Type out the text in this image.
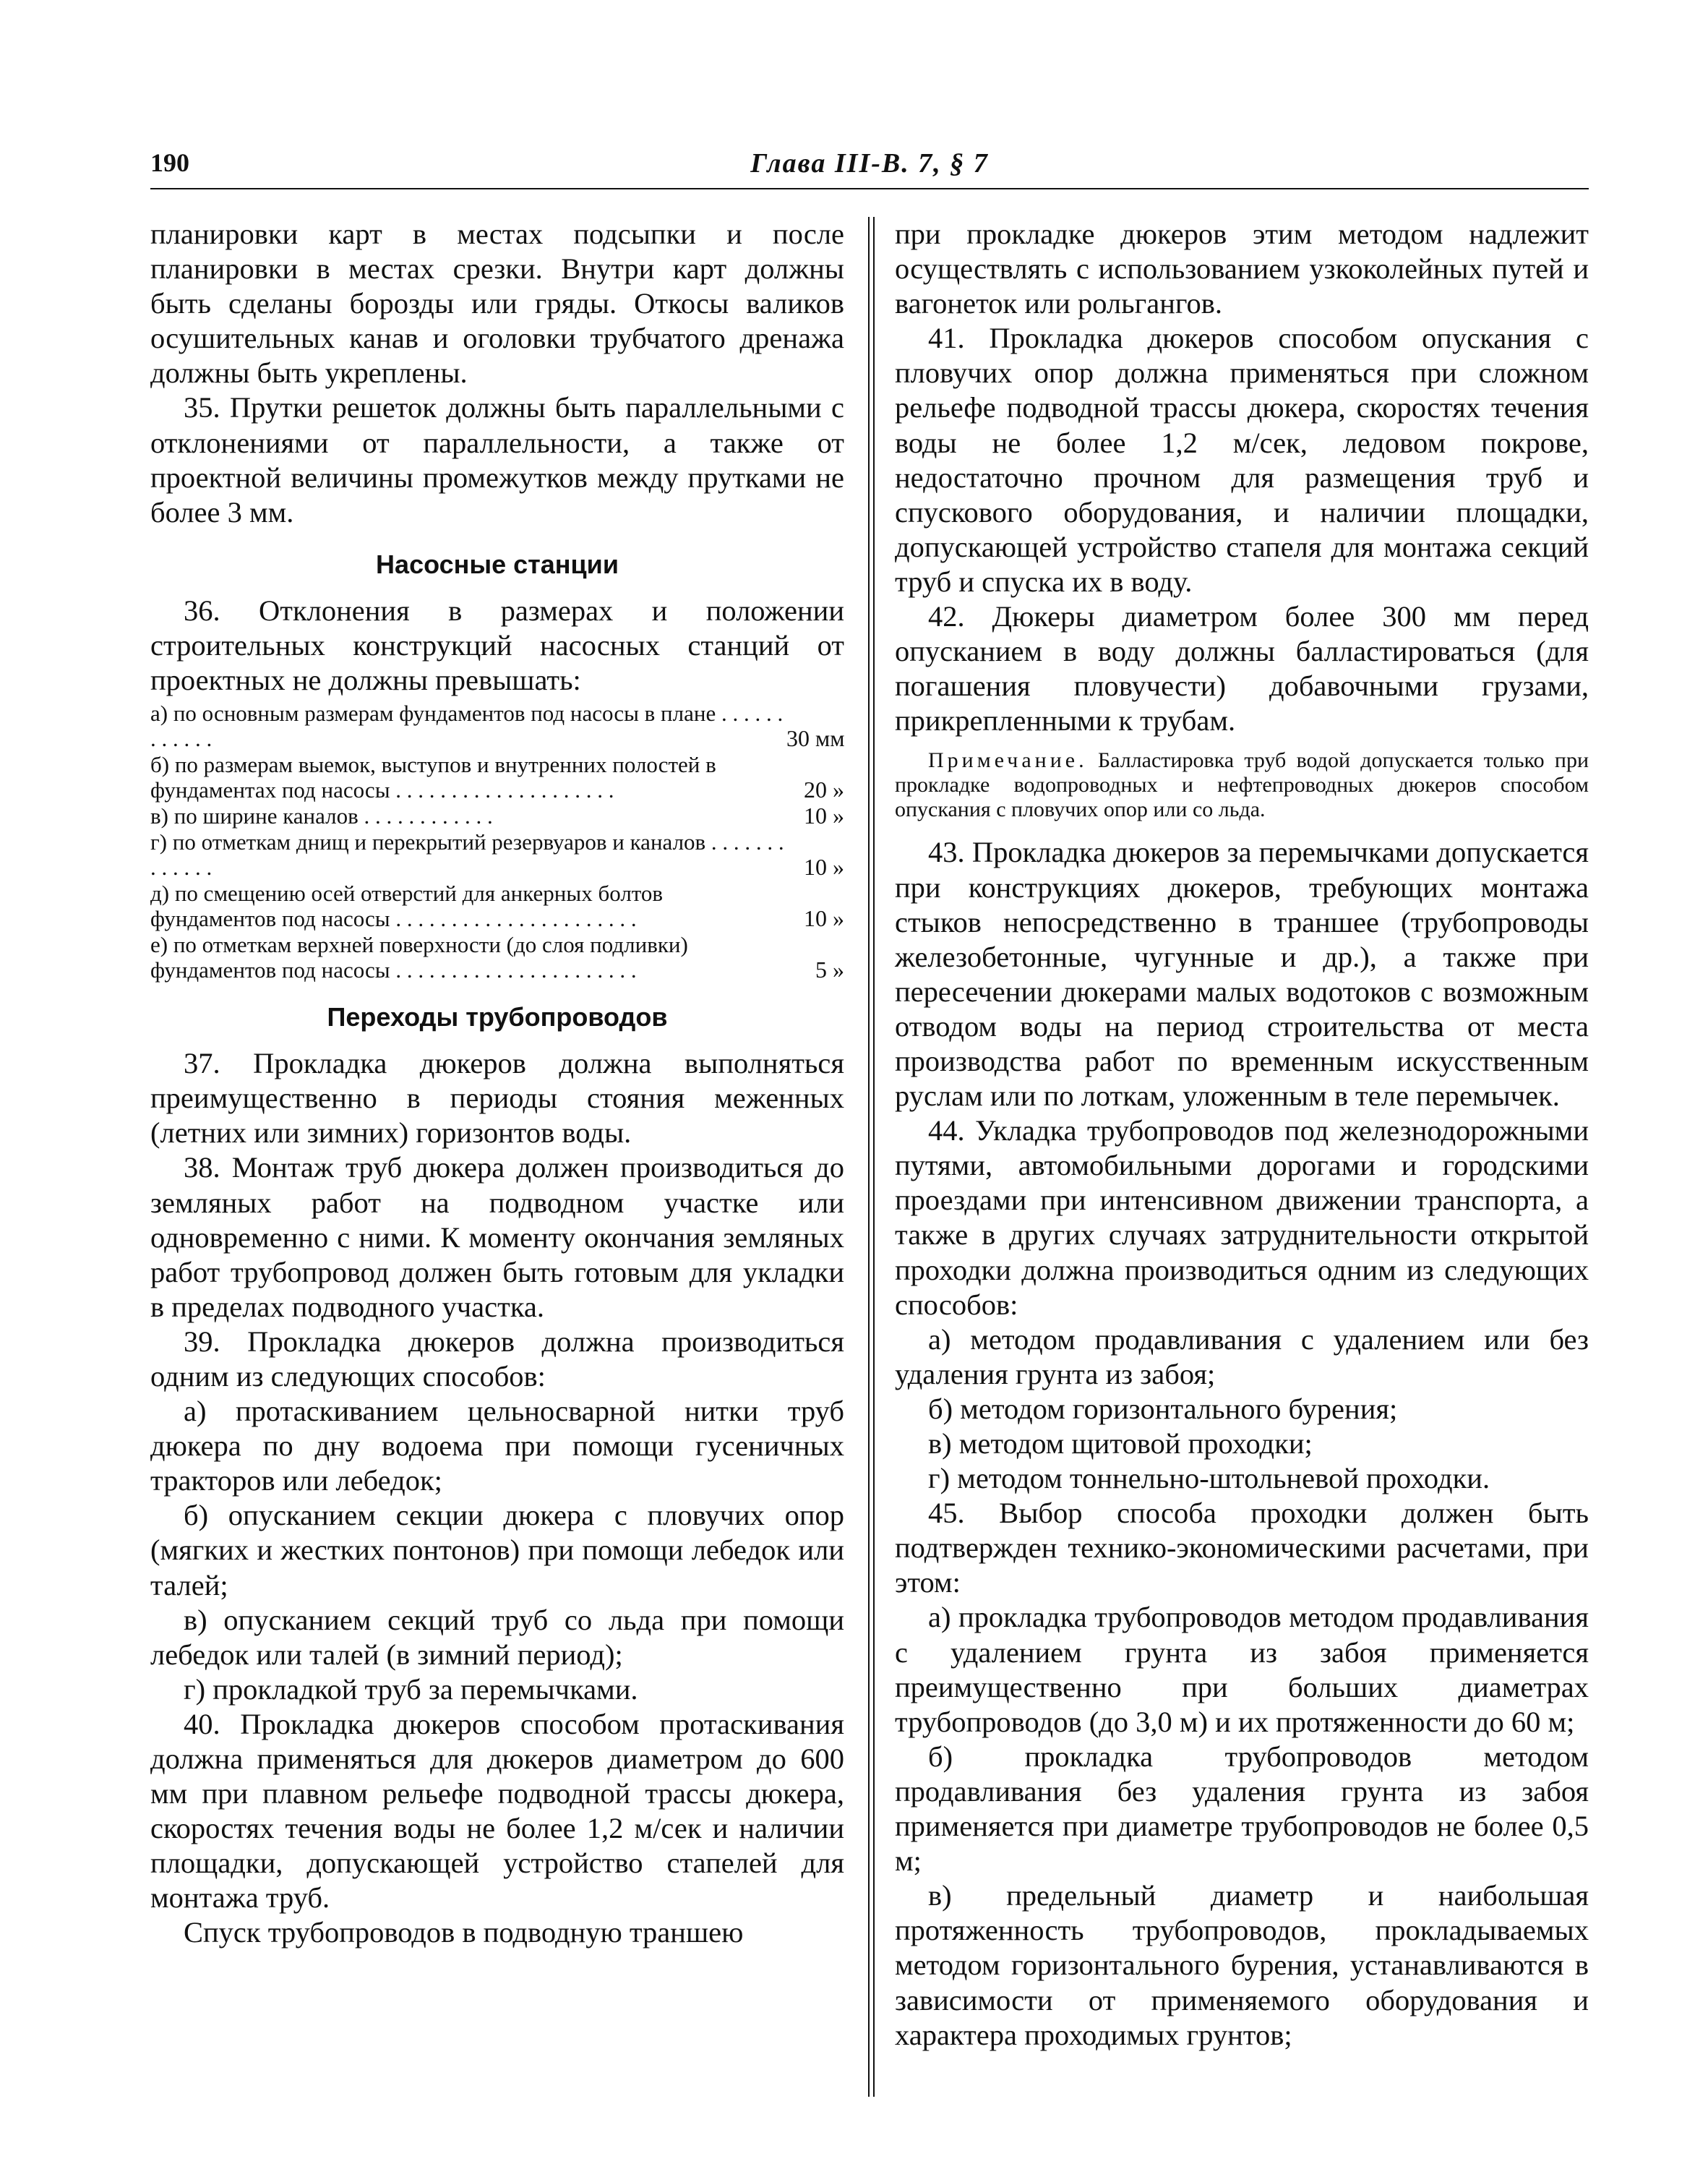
190	Глава III-В. 7, § 7

планировки карт в местах подсыпки и после планировки в местах срезки. Внутри карт должны быть сделаны борозды или гряды. Откосы валиков осушительных канав и оголовки трубчатого дренажа должны быть укреплены.

35. Прутки решеток должны быть параллельными с отклонениями от параллельности, а также от проектной величины промежутков между прутками не более 3 мм.

Насосные станции

36. Отклонения в размерах и положении строительных конструкций насосных станций от проектных не должны превышать:

а) по основным размерам фундаментов под насосы в плане . . . . . . . . . . . .	30 мм
б) по размерам выемок, выступов и внутренних полостей в фундаментах под насосы . . . . . . . . . . . . . . . . . . . .	20 »
в) по ширине каналов . . . . . . . . . . . .	10 »
г) по отметкам днищ и перекрытий резервуаров и каналов . . . . . . . . . . . . .	10 »
д) по смещению осей отверстий для анкерных болтов фундаментов под насосы . . . . . . . . . . . . . . . . . . . . . .	10 »
е) по отметкам верхней поверхности (до слоя подливки) фундаментов под насосы . . . . . . . . . . . . . . . . . . . . . .	5 »
Переходы трубопроводов

37. Прокладка дюкеров должна выполняться преимущественно в периоды стояния меженных (летних или зимних) горизонтов воды.

38. Монтаж труб дюкера должен производиться до земляных работ на подводном участке или одновременно с ними. К моменту окончания земляных работ трубопровод должен быть готовым для укладки в пределах подводного участка.

39. Прокладка дюкеров должна производиться одним из следующих способов:

а) протаскиванием цельносварной нитки труб дюкера по дну водоема при помощи гусеничных тракторов или лебедок;

б) опусканием секции дюкера с пловучих опор (мягких и жестких понтонов) при помощи лебедок или талей;

в) опусканием секций труб со льда при помощи лебедок или талей (в зимний период);

г) прокладкой труб за перемычками.

40. Прокладка дюкеров способом протаскивания должна применяться для дюкеров диаметром до 600 мм при плавном рельефе подводной трассы дюкера, скоростях течения воды не более 1,2 м/сек и наличии площадки, допускающей устройство стапелей для монтажа труб.

Спуск трубопроводов в подводную траншею

при прокладке дюкеров этим методом надлежит осуществлять с использованием узкоколейных путей и вагонеток или рольгангов.

41. Прокладка дюкеров способом опускания с пловучих опор должна применяться при сложном рельефе подводной трассы дюкера, скоростях течения воды не более 1,2 м/сек, ледовом покрове, недостаточно прочном для размещения труб и спускового оборудования, и наличии площадки, допускающей устройство стапеля для монтажа секций труб и спуска их в воду.

42. Дюкеры диаметром более 300 мм перед опусканием в воду должны балластироваться (для погашения пловучести) добавочными грузами, прикрепленными к трубам.

Примечание. Балластировка труб водой допускается только при прокладке водопроводных и нефтепроводных дюкеров способом опускания с пловучих опор или со льда.

43. Прокладка дюкеров за перемычками допускается при конструкциях дюкеров, требующих монтажа стыков непосредственно в траншее (трубопроводы железобетонные, чугунные и др.), а также при пересечении дюкерами малых водотоков с возможным отводом воды на период строительства от места производства работ по временным искусственным руслам или по лоткам, уложенным в теле перемычек.

44. Укладка трубопроводов под железнодорожными путями, автомобильными дорогами и городскими проездами при интенсивном движении транспорта, а также в других случаях затруднительности открытой проходки должна производиться одним из следующих способов:

а) методом продавливания с удалением или без удаления грунта из забоя;

б) методом горизонтального бурения;

в) методом щитовой проходки;

г) методом тоннельно-штольневой проходки.

45. Выбор способа проходки должен быть подтвержден технико-экономическими расчетами, при этом:

а) прокладка трубопроводов методом продавливания с удалением грунта из забоя применяется преимущественно при больших диаметрах трубопроводов (до 3,0 м) и их протяженности до 60 м;

б) прокладка трубопроводов методом продавливания без удаления грунта из забоя применяется при диаметре трубопроводов не более 0,5 м;

в) предельный диаметр и наибольшая протяженность трубопроводов, прокладываемых методом горизонтального бурения, устанавливаются в зависимости от применяемого оборудования и характера проходимых грунтов;
